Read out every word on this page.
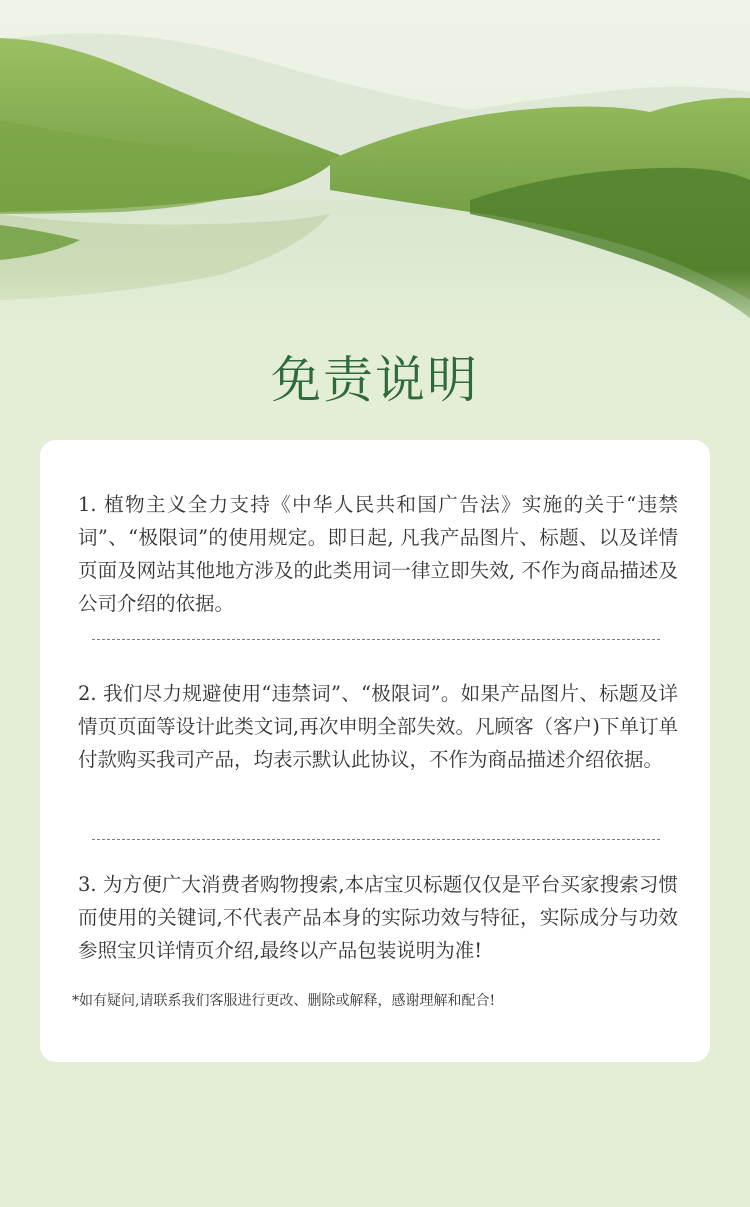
免责说明

1. 植物主义全力支持《中华人民共和国广告法》实施的关于“违禁词”、“极限词”的使用规定。即日起, 凡我产品图片、标题、以及详情页面及网站其他地方涉及的此类用词一律立即失效, 不作为商品描述及公司介绍的依据。

2. 我们尽力规避使用“违禁词”、“极限词”。如果产品图片、标题及详情页页面等设计此类文词,再次申明全部失效。凡顾客（客户)下单订单付款购买我司产品，均表示默认此协议，不作为商品描述介绍依据。

3. 为方便广大消费者购物搜索,本店宝贝标题仅仅是平台买家搜索习惯而使用的关键词,不代表产品本身的实际功效与特征，实际成分与功效参照宝贝详情页介绍,最终以产品包装说明为准!

*如有疑问,请联系我们客服进行更改、删除或解释，感谢理解和配合!
